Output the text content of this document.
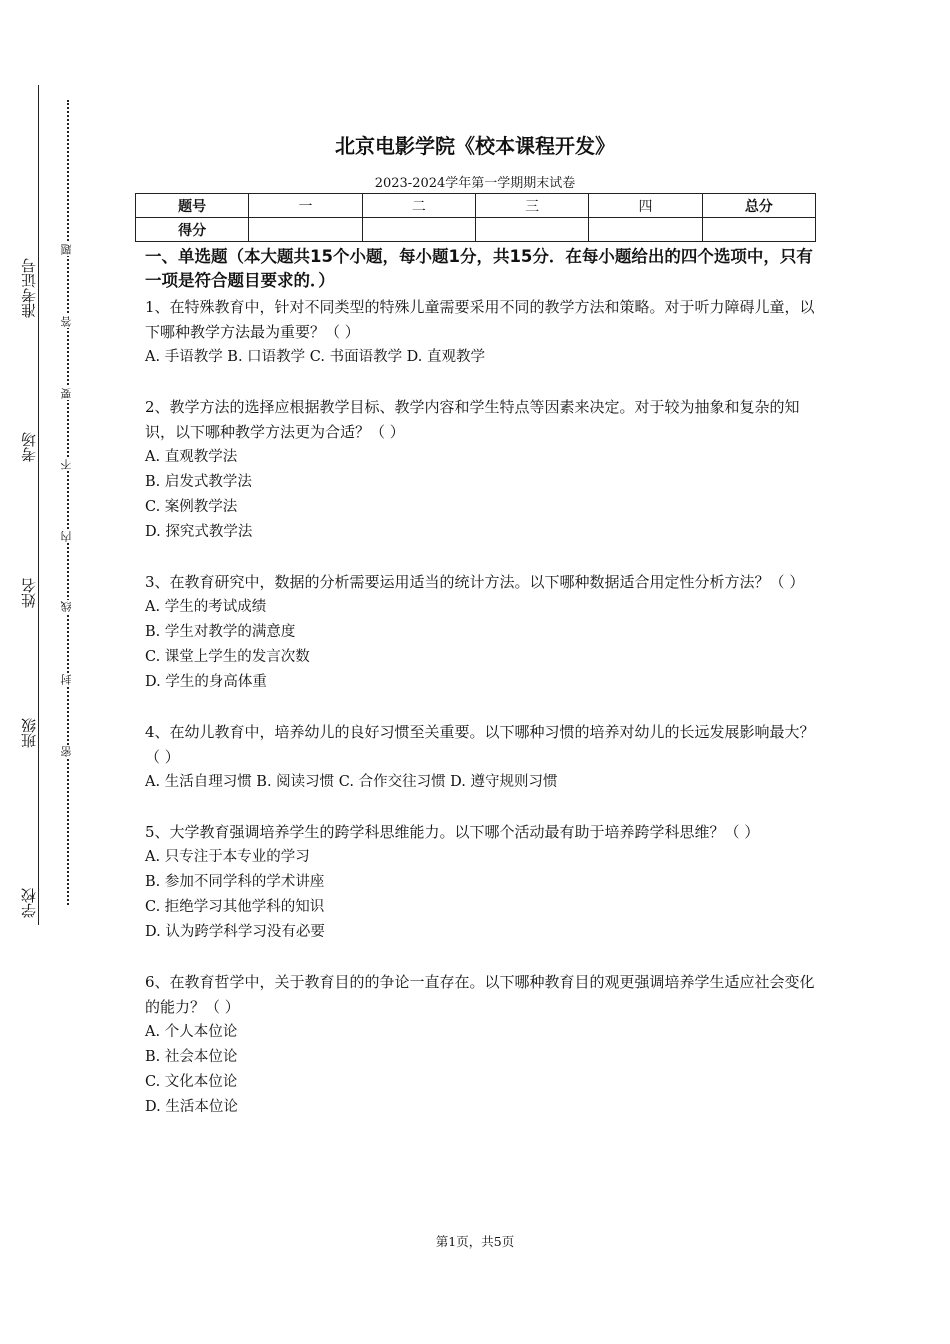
准考证号
考场
姓名
班级
学校
题
答
要
不
内
线
封
密
北京电影学院《校本课程开发》
2023-2024学年第一学期期末试卷
题号	一	二	三	四	总分
得分					

一、单选题（本大题共15个小题，每小题1分，共15分．在每小题给出的四个选项中，只有一项是符合题目要求的．）

1、在特殊教育中，针对不同类型的特殊儿童需要采用不同的教学方法和策略。对于听力障碍儿童，以下哪种教学方法最为重要？（ ）

A. 手语教学 B. 口语教学 C. 书面语教学 D. 直观教学

2、教学方法的选择应根据教学目标、教学内容和学生特点等因素来决定。对于较为抽象和复杂的知识，以下哪种教学方法更为合适？（ ）

A. 直观教学法

B. 启发式教学法

C. 案例教学法

D. 探究式教学法

3、在教育研究中，数据的分析需要运用适当的统计方法。以下哪种数据适合用定性分析方法？（ ）

A. 学生的考试成绩

B. 学生对教学的满意度

C. 课堂上学生的发言次数

D. 学生的身高体重

4、在幼儿教育中，培养幼儿的良好习惯至关重要。以下哪种习惯的培养对幼儿的长远发展影响最大？（ ）

A. 生活自理习惯 B. 阅读习惯 C. 合作交往习惯 D. 遵守规则习惯

5、大学教育强调培养学生的跨学科思维能力。以下哪个活动最有助于培养跨学科思维？（ ）

A. 只专注于本专业的学习

B. 参加不同学科的学术讲座

C. 拒绝学习其他学科的知识

D. 认为跨学科学习没有必要

6、在教育哲学中，关于教育目的的争论一直存在。以下哪种教育目的观更强调培养学生适应社会变化的能力？（ ）

A. 个人本位论

B. 社会本位论

C. 文化本位论

D. 生活本位论

第1页，共5页
